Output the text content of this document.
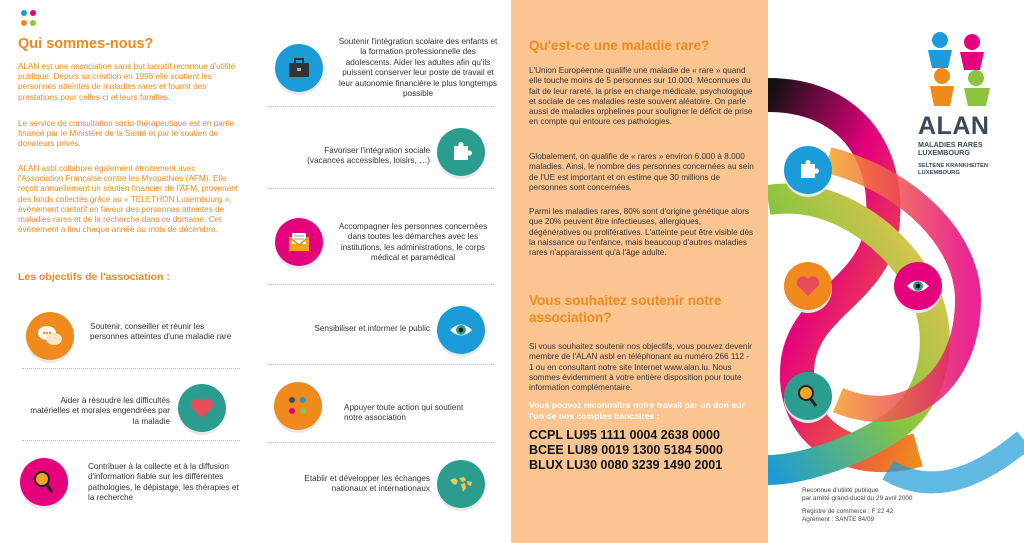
Qui sommes-nous?
ALAN est une association sans but lucratif reconnue d'utilité publique. Depuis sa création en 1998 elle soutient les personnes atteintes de maladies rares et fournit des prestations pour celles-ci et leurs familles.
Le service de consultation socio-thérapeutique est en partie financé par le Ministère de la Santé et par le soutien de donateurs privés.
ALAN asbl collabore également étroitement avec l'Association Française contre les Myopathies (AFM). Elle reçoit annuellement un soutien financier de l'AFM, provenant des fonds collectés grâce au « TELETHON Luxembourg », événement caritatif en faveur des personnes atteintes de maladies rares et de la recherche dans ce domaine. Cet événement a lieu chaque année au mois de décembre.
Les objectifs de l'association :
Soutenir, conseiller et réunir les personnes atteintes d'une maladie rare
Aider à résoudre les difficultés matérielles et morales engendrées par la maladie
Contribuer à la collecte et à la diffusion d'information fiable sur les différentes pathologies, le dépistage, les thérapies et la recherche
Soutenir l'intégration scolaire des enfants et la formation professionnelle des adolescents. Aider les adultes afin qu'ils puissent conserver leur poste de travail et leur autonomie financière le plus longtemps possible
Favoriser l'intégration sociale (vacances accessibles, loisirs, …)
Accompagner les personnes concernées dans toutes les démarches avec les institutions, les administrations, le corps médical et paramédical
Sensibiliser et informer le public
Appuyer toute action qui soutient notre association
Etablir et développer les échanges nationaux et internationaux
Qu'est-ce une maladie rare?
L'Union Européenne qualifie une maladie de « rare » quand elle touche moins de 5 personnes sur 10.000. Méconnues du fait de leur rareté, la prise en charge médicale, psychologique et sociale de ces maladies reste souvent aléatoire. On parle aussi de maladies orphelines pour souligner le déficit de prise en compte qui entoure ces pathologies.
Globalement, on qualifie de « rares » environ 6.000 à 8.000 maladies. Ainsi, le nombre des personnes concernées au sein de l'UE est important et on estime que 30 millions de personnes sont concernées.
Parmi les maladies rares, 80% sont d'origine génétique alors que 20% peuvent être infectieuses, allergiques, dégénératives ou prolifératives. L'atteinte peut être visible dès la naissance ou l'enfance, mais beaucoup d'autres maladies rares n'apparaissent qu'à l'âge adulte.
Vous souhaitez soutenir notre association?
Si vous souhaitez soutenir nos objectifs, vous pouvez devenir membre de l'ALAN asbl en téléphonant au numéro 266 112 - 1 ou en consultant notre site Internet www.alan.lu. Nous sommes évidemment à votre entière disposition pour toute information complémentaire.
Vous pouvez reconnaître notre travail par un don sur l'un de nos comptes bancaires :
CCPL LU95 1111 0004 2638 0000
BCEE LU89 0019 1300 5184 5000
BLUX LU30 0080 3239 1490 2001
ALAN
MALADIES RARES
LUXEMBOURG
SELTENE KRANKHEITEN
LUXEMBOURG
Reconnue d'utilité publique
par arrêté grand-ducal du 29 avril 2000
Registre de commerce : F 22 42
Agrément : SANTE 84/09
